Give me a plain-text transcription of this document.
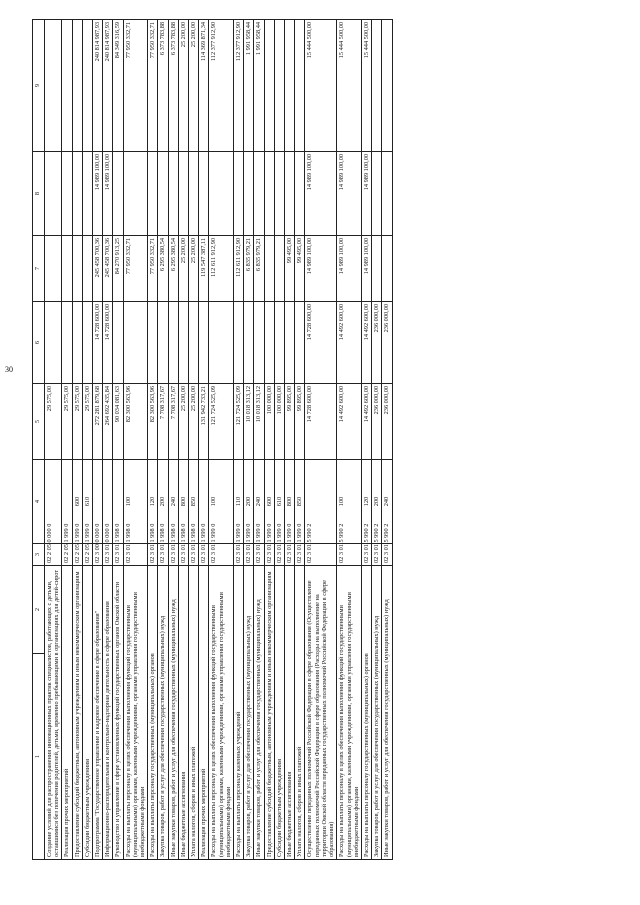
30
1	2	3	4	5	6	7	8	9	
Создание условий для распространения инновационных практик специалистов, работающих с детьми, оставшимися без попечения родителей, детьми, временно пребывающими в организациях для детей-сирот		02 2 05 0 000 0		29 575,00					
Реализация прочих мероприятий		02 2 05 1 999 0		29 575,00					
Предоставление субсидий бюджетным, автономным учреждениям и иным некоммерческим организациям		02 2 05 1 999 0	600	29 575,00					
Субсидии бюджетным учреждениям		02 2 05 1 999 0	610	29 575,00					
Подпрограмма "Государственное управление и кадровое обеспечение в сфере образования"		02 3 00 0 000 0		272 281 879,68	14 728 600,00	245 458 700,36	14 989 100,00	240 814 987,93	
Информационно-распорядительная и контрольно-надзорная деятельность в сфере образования		02 3 01 0 000 0		264 692 435,84	14 728 600,00	245 458 700,36	14 989 100,00	240 814 987,93	
Руководство и управление в сфере установленных функций государственных органов Омской области		02 3 01 1 998 0		90 034 081,63		84 270 913,25		84 349 316,59	
Расходы на выплаты персоналу в целях обеспечения выполнения функций государственными (муниципальными) органами, казенными учреждениями, органами управления государственными внебюджетными фондами		02 3 01 1 998 0	100	82 300 563,96		77 950 332,71		77 950 332,71	
Расходы на выплаты персоналу государственных (муниципальных) органов		02 3 01 1 998 0	120	82 300 563,96		77 950 332,71		77 950 332,71	
Закупка товаров, работ и услуг для обеспечения государственных (муниципальных) нужд		02 3 01 1 998 0	200	7 708 317,67		6 295 380,54		6 373 783,88	
Иные закупки товаров, работ и услуг для обеспечения государственных (муниципальных) нужд		02 3 01 1 998 0	240	7 708 317,67		6 295 380,54		6 373 783,88	
Иные бюджетные ассигнования		02 3 01 1 998 0	800	25 200,00		25 200,00		25 200,00	
Уплата налогов, сборов и иных платежей		02 3 01 1 998 0	850	25 200,00		25 200,00		25 200,00	
Реализация прочих мероприятий		02 3 01 1 999 0		131 942 733,21		119 547 387,11		114 369 871,34	
Расходы на выплаты персоналу в целях обеспечения выполнения функций государственными (муниципальными) органами, казенными учреждениями, органами управления государственными внебюджетными фондами		02 3 01 1 999 0	100	121 724 525,09		112 611 912,90		112 377 912,90	
Расходы на выплаты персоналу казенных учреждений		02 3 01 1 999 0	110	121 724 525,09		112 611 912,90		112 377 912,90	
Закупка товаров, работ и услуг для обеспечения государственных (муниципальных) нужд		02 3 01 1 999 0	200	10 018 313,12		6 835 979,21		1 991 958,44	
Иные закупки товаров, работ и услуг для обеспечения государственных (муниципальных) нужд		02 3 01 1 999 0	240	10 018 313,12		6 835 979,21		1 991 958,44	
Предоставление субсидий бюджетным, автономным учреждениям и иным некоммерческим организациям		02 3 01 1 999 0	600	100 000,00					
Субсидии бюджетным учреждениям		02 3 01 1 999 0	610	100 000,00					
Иные бюджетные ассигнования		02 3 01 1 999 0	800	99 895,00		99 495,00			
Уплата налогов, сборов и иных платежей		02 3 01 1 999 0	850	99 895,00		99 495,00			
Осуществление переданных полномочий Российской Федерации в сфере образования (Осуществление переданных полномочий Российской Федерации в сфере образования (Расходы на выполнение на территории Омской области переданных государственных полномочий Российской Федерации в сфере образования)		02 3 01 5 990 2		14 728 600,00	14 728 600,00	14 989 100,00	14 989 100,00	15 444 500,00	
Расходы на выплаты персоналу в целях обеспечения выполнения функций государственными (муниципальными) органами, казенными учреждениями, органами управления государственными внебюджетными фондами		02 3 01 5 990 2	100	14 492 600,00	14 492 600,00	14 989 100,00	14 989 100,00	15 444 500,00	
Расходы на выплаты персоналу государственных (муниципальных) органов		02 3 01 5 990 2	120	14 492 600,00	14 492 600,00	14 989 100,00	14 989 100,00	15 444 500,00	
Закупка товаров, работ и услуг для обеспечения государственных (муниципальных) нужд		02 3 01 5 990 2	200	236 000,00	236 000,00				
Иные закупки товаров, работ и услуг для обеспечения государственных (муниципальных) нужд		02 3 01 5 990 2	240	236 000,00	236 000,00				
